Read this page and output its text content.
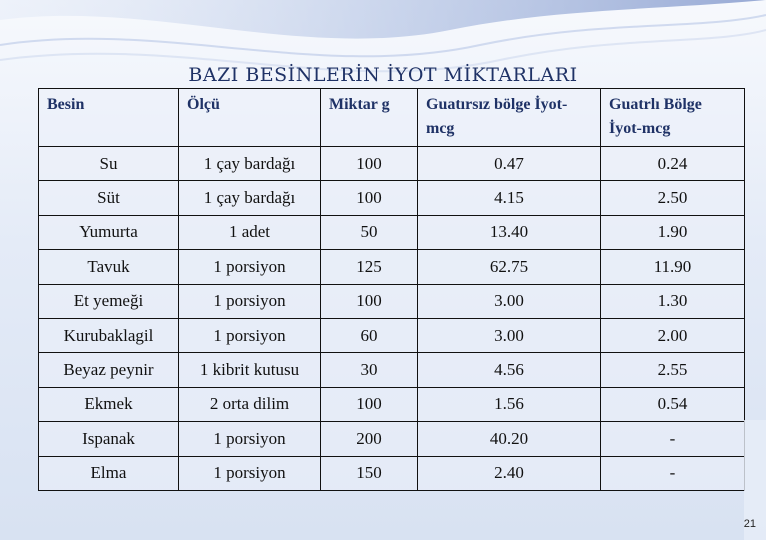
BAZI BESİNLERİN İYOT MİKTARLARI
Besin	Ölçü	Miktar g	Guatırsız bölge İyot-mcg	Guatrlı Bölge İyot-mcg
Su	1 çay bardağı	100	0.47	0.24
Süt	1 çay bardağı	100	4.15	2.50
Yumurta	1 adet	50	13.40	1.90
Tavuk	1 porsiyon	125	62.75	11.90
Et yemeği	1 porsiyon	100	3.00	1.30
Kurubaklagil	1 porsiyon	60	3.00	2.00
Beyaz peynir	1 kibrit kutusu	30	4.56	2.55
Ekmek	2 orta dilim	100	1.56	0.54
Ispanak	1 porsiyon	200	40.20	-
Elma	1 porsiyon	150	2.40	-
21
